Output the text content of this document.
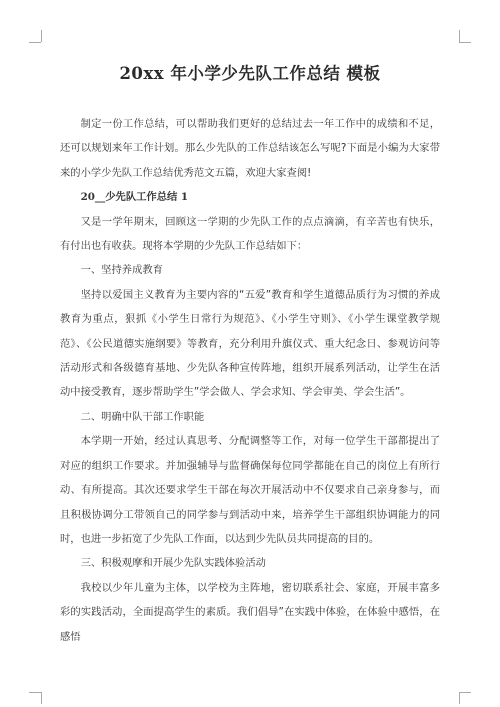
20xx 年小学少先队工作总结 模板

制定一份工作总结，可以帮助我们更好的总结过去一年工作中的成绩和不足，还可以规划来年工作计划。那么少先队的工作总结该怎么写呢?下面是小编为大家带来的小学少先队工作总结优秀范文五篇，欢迎大家查阅!

20__少先队工作总结 1

又是一学年期末，回顾这一学期的少先队工作的点点滴滴，有辛苦也有快乐，有付出也有收获。现将本学期的少先队工作总结如下：

一、坚持养成教育

坚持以爱国主义教育为主要内容的“五爱”教育和学生道德品质行为习惯的养成教育为重点，狠抓《小学生日常行为规范》、《小学生守则》、《小学生课堂教学规范》、《公民道德实施纲要》等教育，充分利用升旗仪式、重大纪念日、参观访问等活动形式和各级德育基地、少先队各种宣传阵地，组织开展系列活动，让学生在活动中接受教育，逐步帮助学生”学会做人、学会求知、学会审美、学会生活”。

二、明确中队干部工作职能

本学期一开始，经过认真思考、分配调整等工作，对每一位学生干部都提出了对应的组织工作要求。并加强辅导与监督确保每位同学都能在自己的岗位上有所行动、有所提高。其次还要求学生干部在每次开展活动中不仅要求自己亲身参与，而且积极协调分工带领自己的同学参与到活动中来，培养学生干部组织协调能力的同时，也进一步拓宽了少先队工作面，以达到少先队员共同提高的目的。

三、积极观摩和开展少先队实践体验活动

我校以少年儿童为主体，以学校为主阵地，密切联系社会、家庭，开展丰富多彩的实践活动，全面提高学生的素质。我们倡导”在实践中体验，在体验中感悟，在感悟
